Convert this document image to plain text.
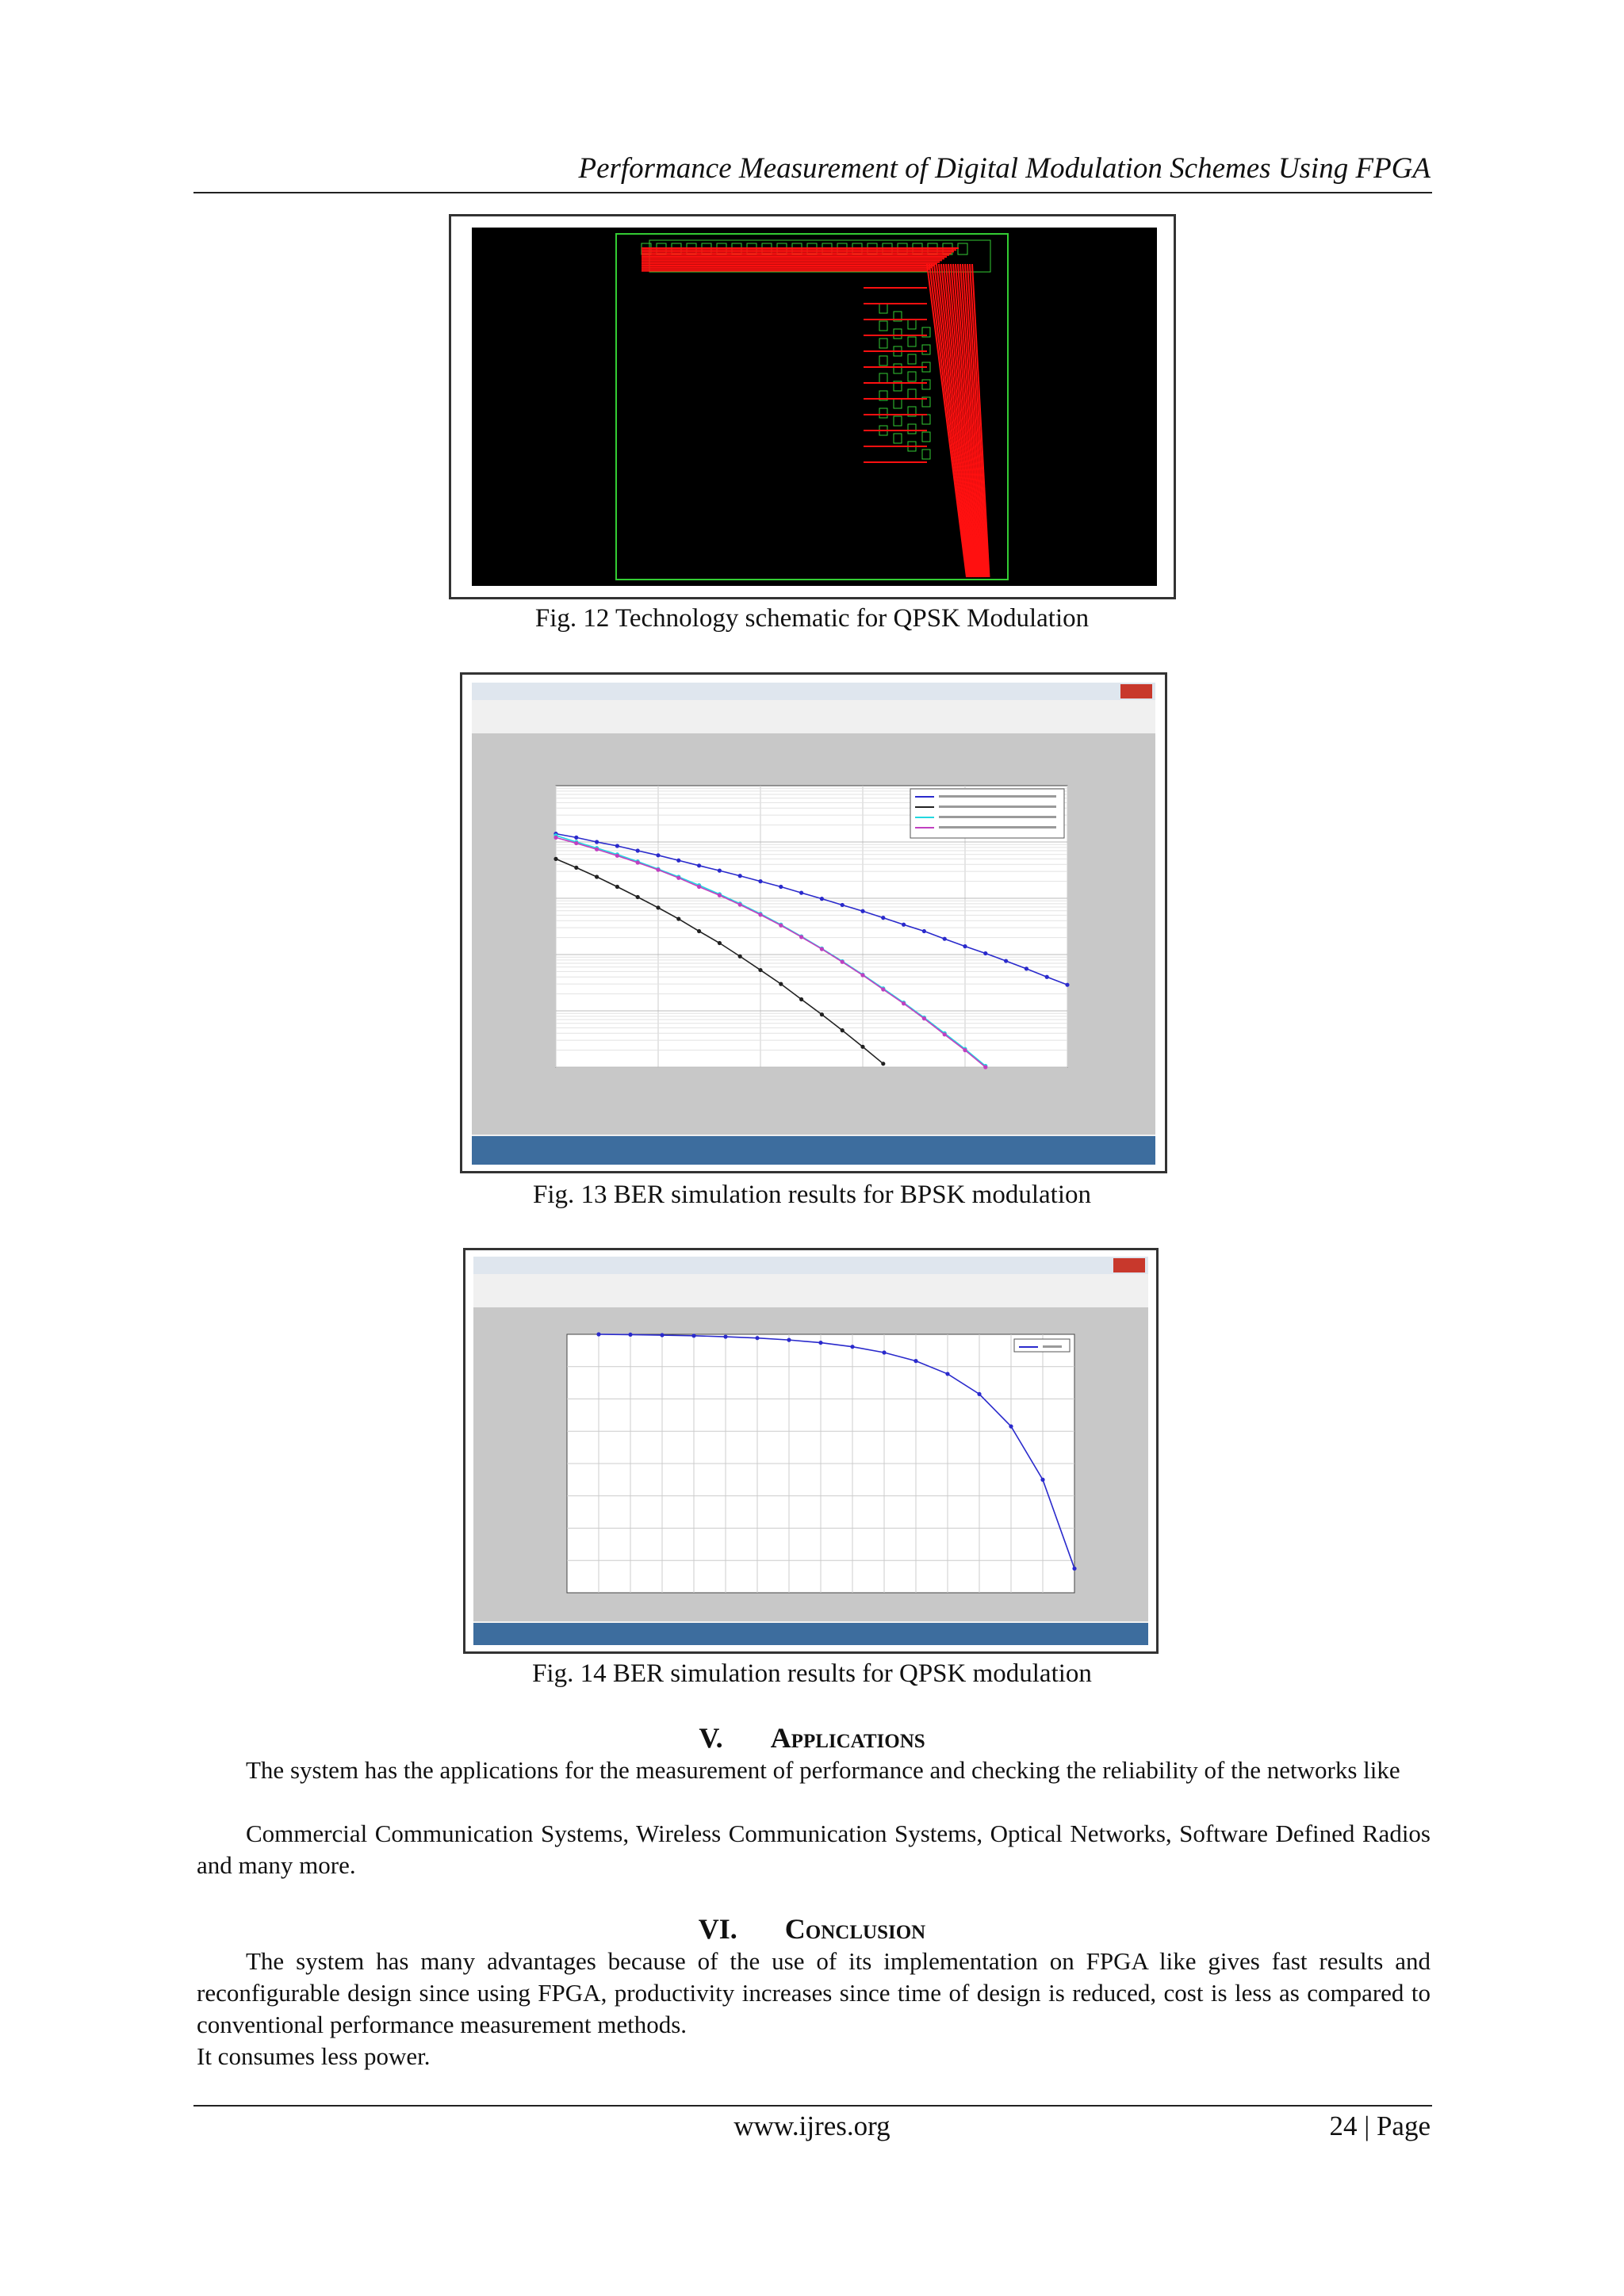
Performance Measurement of Digital Modulation Schemes Using FPGA
Fig. 12 Technology schematic for QPSK Modulation
Fig. 13 BER simulation results for BPSK modulation
Fig. 14 BER simulation results for QPSK modulation
V. Applications
The system has the applications for the measurement of performance and checking the reliability of the networks like
Commercial Communication Systems, Wireless Communication Systems, Optical Networks, Software Defined Radios and many more.
VI. Conclusion
The system has many advantages because of the use of its implementation on FPGA like gives fast results and reconfigurable design since using FPGA, productivity increases since time of design is reduced, cost is less as compared to conventional performance measurement methods.
It consumes less power.
www.ijres.org	24 | Page
